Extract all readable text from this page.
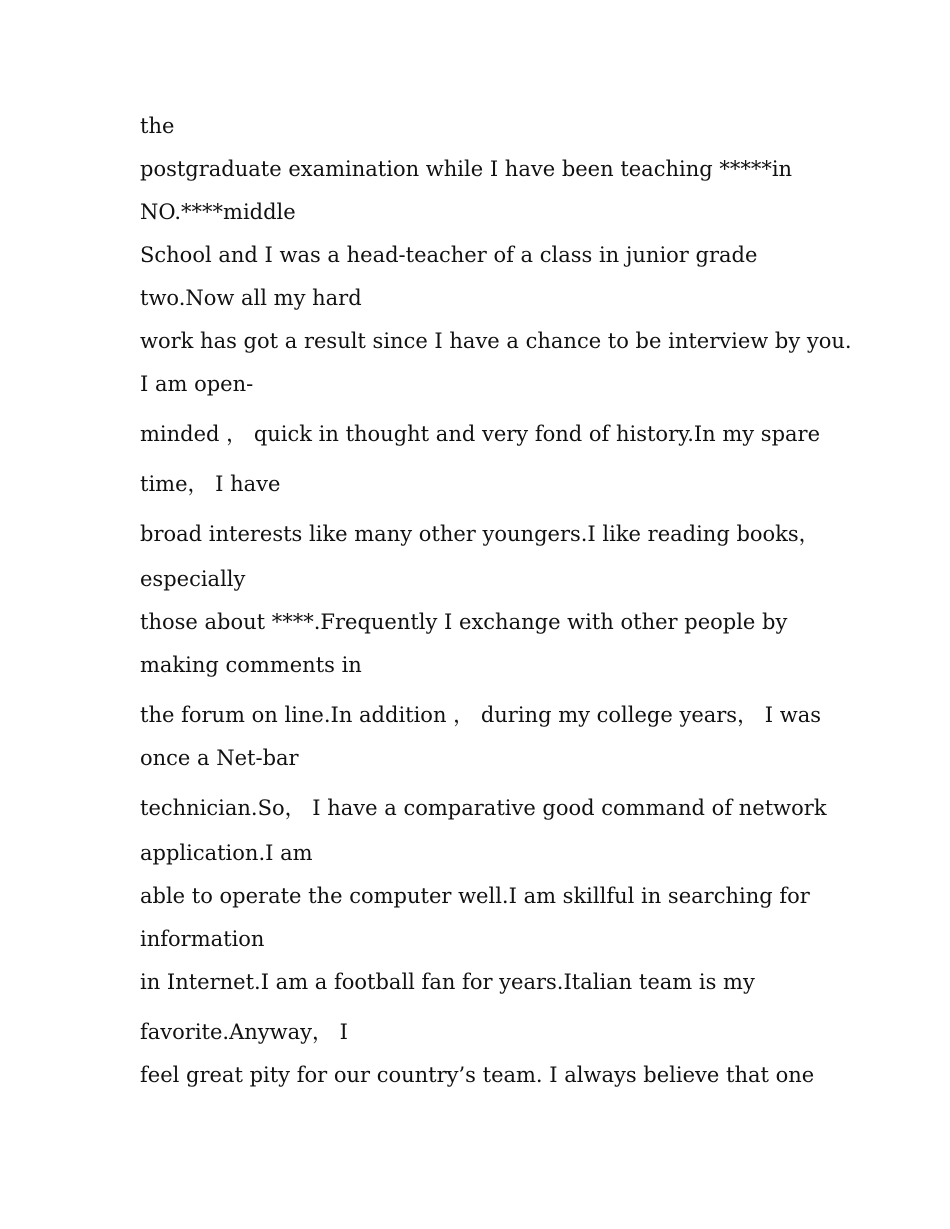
the
postgraduate examination while I have been teaching *****in
NO.****middle
School and I was a head-teacher of a class in junior grade
two.Now all my hard
work has got a result since I have a chance to be interview by you.
I am open-
minded ， quick in thought and very fond of history.In my spare
time， I have
broad interests like many other youngers.I like reading books，
especially
those about ****.Frequently I exchange with other people by
making comments in
the forum on line.In addition ， during my college years， I was
once a Net-bar
technician.So， I have a comparative good command of network
application.I am
able to operate the computer well.I am skillful in searching for
information
in Internet.I am a football fan for years.Italian team is my
favorite.Anyway， I
feel great pity for our country’s team. I always believe that one
